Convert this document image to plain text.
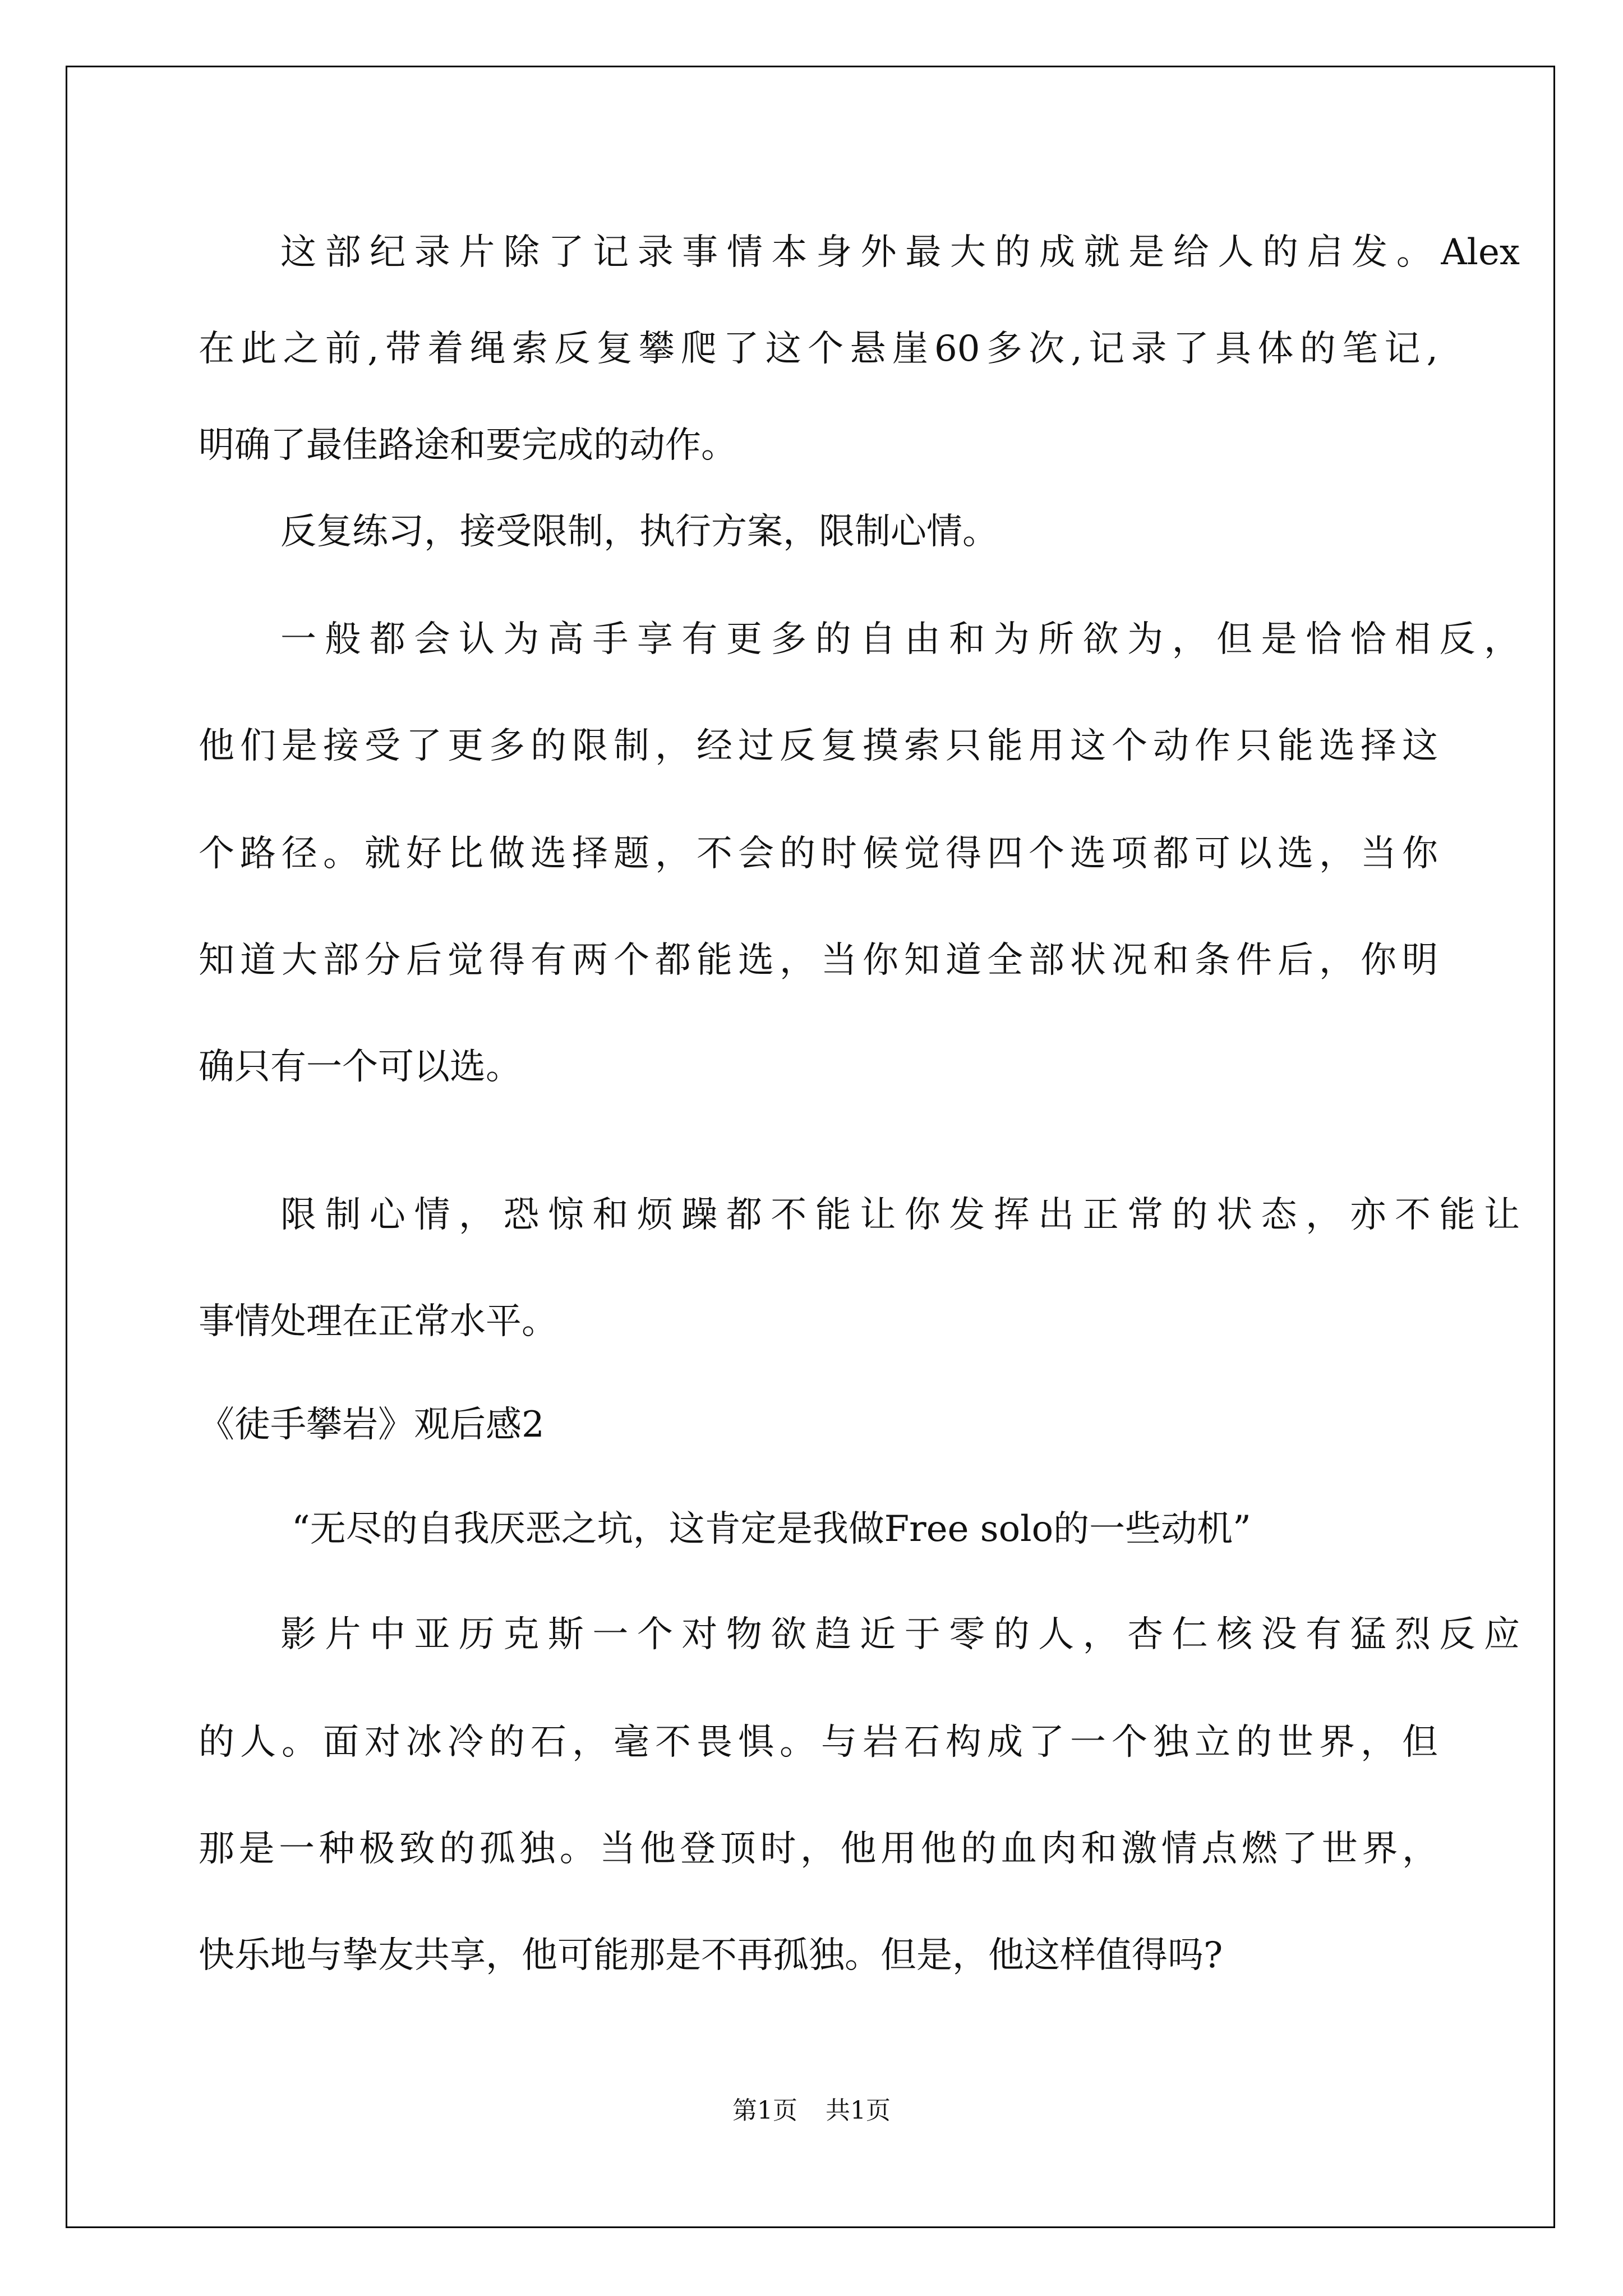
这部纪录片除了记录事情本身外最大的成就是给人的启发。Alex

在此之前,带着绳索反复攀爬了这个悬崖60多次,记录了具体的笔记,

明确了最佳路途和要完成的动作。

反复练习，接受限制，执行方案，限制心情。

一般都会认为高手享有更多的自由和为所欲为，但是恰恰相反，

他们是接受了更多的限制，经过反复摸索只能用这个动作只能选择这

个路径。就好比做选择题，不会的时候觉得四个选项都可以选，当你

知道大部分后觉得有两个都能选，当你知道全部状况和条件后，你明

确只有一个可以选。

限制心情，恐惊和烦躁都不能让你发挥出正常的状态，亦不能让

事情处理在正常水平。

《徒手攀岩》观后感2

“无尽的自我厌恶之坑，这肯定是我做Free solo的一些动机”

影片中亚历克斯一个对物欲趋近于零的人，杏仁核没有猛烈反应

的人。面对冰冷的石，毫不畏惧。与岩石构成了一个独立的世界，但

那是一种极致的孤独。当他登顶时，他用他的血肉和激情点燃了世界，

快乐地与挚友共享，他可能那是不再孤独。但是，他这样值得吗?

第1页 共1页
